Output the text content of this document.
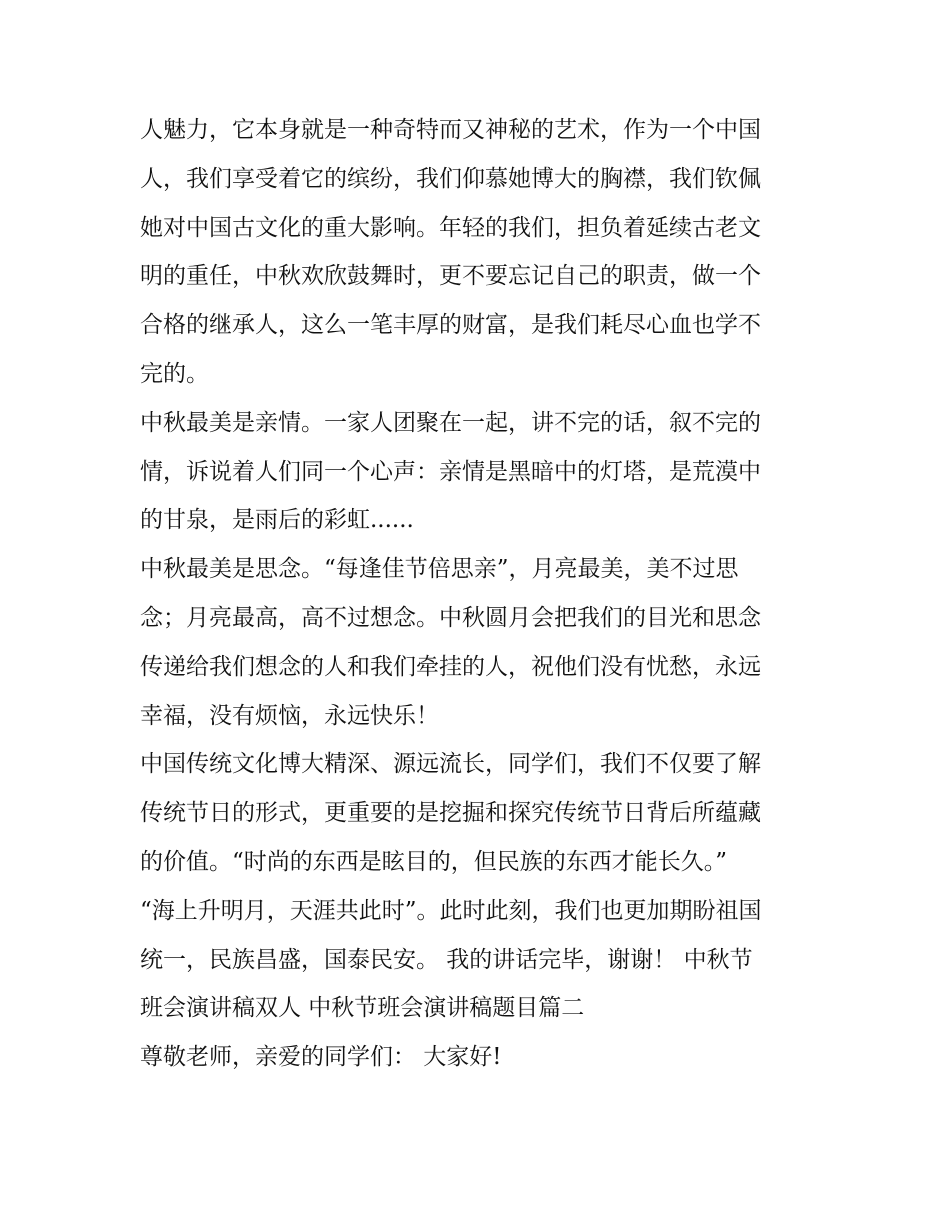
人魅力，它本身就是一种奇特而又神秘的艺术，作为一个中国
人，我们享受着它的缤纷，我们仰慕她博大的胸襟，我们钦佩
她对中国古文化的重大影响。年轻的我们，担负着延续古老文
明的重任，中秋欢欣鼓舞时，更不要忘记自己的职责，做一个
合格的继承人，这么一笔丰厚的财富，是我们耗尽心血也学不
完的。
中秋最美是亲情。一家人团聚在一起，讲不完的话，叙不完的
情，诉说着人们同一个心声：亲情是黑暗中的灯塔，是荒漠中
的甘泉，是雨后的彩虹......
中秋最美是思念。“每逢佳节倍思亲”，月亮最美，美不过思
念；月亮最高，高不过想念。中秋圆月会把我们的目光和思念
传递给我们想念的人和我们牵挂的人，祝他们没有忧愁，永远
幸福，没有烦恼，永远快乐！
中国传统文化博大精深、源远流长，同学们，我们不仅要了解
传统节日的形式，更重要的是挖掘和探究传统节日背后所蕴藏
的价值。“时尚的东西是眩目的，但民族的东西才能长久。”
“海上升明月，天涯共此时”。此时此刻，我们也更加期盼祖国
统一，民族昌盛，国泰民安。 我的讲话完毕，谢谢！ 中秋节
班会演讲稿双人 中秋节班会演讲稿题目篇二
尊敬老师，亲爱的同学们： 大家好!
